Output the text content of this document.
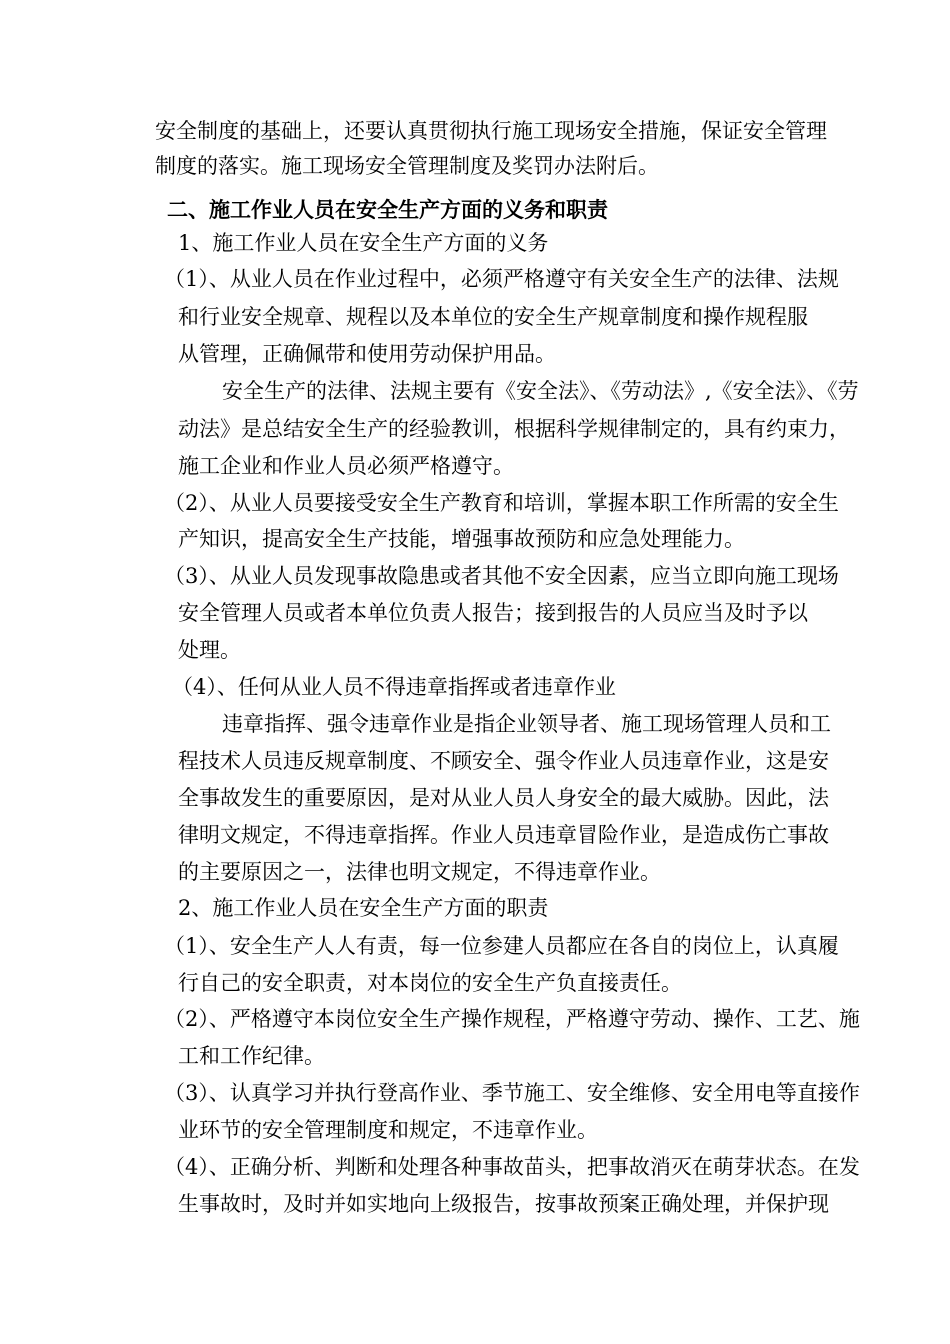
安全制度的基础上，还要认真贯彻执行施工现场安全措施，保证安全管理
制度的落实。施工现场安全管理制度及奖罚办法附后。
二、施工作业人员在安全生产方面的义务和职责
1、施工作业人员在安全生产方面的义务
（1）、从业人员在作业过程中，必须严格遵守有关安全生产的法律、法规
和行业安全规章、规程以及本单位的安全生产规章制度和操作规程服
从管理，正确佩带和使用劳动保护用品。
安全生产的法律、法规主要有《安全法》、《劳动法》,《安全法》、《劳
动法》是总结安全生产的经验教训，根据科学规律制定的，具有约束力，
施工企业和作业人员必须严格遵守。
（2）、从业人员要接受安全生产教育和培训，掌握本职工作所需的安全生
产知识，提高安全生产技能，增强事故预防和应急处理能力。
（3）、从业人员发现事故隐患或者其他不安全因素，应当立即向施工现场
安全管理人员或者本单位负责人报告；接到报告的人员应当及时予以
处理。
（4）、任何从业人员不得违章指挥或者违章作业
违章指挥、强令违章作业是指企业领导者、施工现场管理人员和工
程技术人员违反规章制度、不顾安全、强令作业人员违章作业，这是安
全事故发生的重要原因，是对从业人员人身安全的最大威胁。因此，法
律明文规定，不得违章指挥。作业人员违章冒险作业，是造成伤亡事故
的主要原因之一，法律也明文规定，不得违章作业。
2、施工作业人员在安全生产方面的职责
（1）、安全生产人人有责，每一位参建人员都应在各自的岗位上，认真履
行自己的安全职责，对本岗位的安全生产负直接责任。
（2）、严格遵守本岗位安全生产操作规程，严格遵守劳动、操作、工艺、施
工和工作纪律。
（3）、认真学习并执行登高作业、季节施工、安全维修、安全用电等直接作
业环节的安全管理制度和规定，不违章作业。
（4）、正确分析、判断和处理各种事故苗头，把事故消灭在萌芽状态。在发
生事故时，及时并如实地向上级报告，按事故预案正确处理，并保护现
